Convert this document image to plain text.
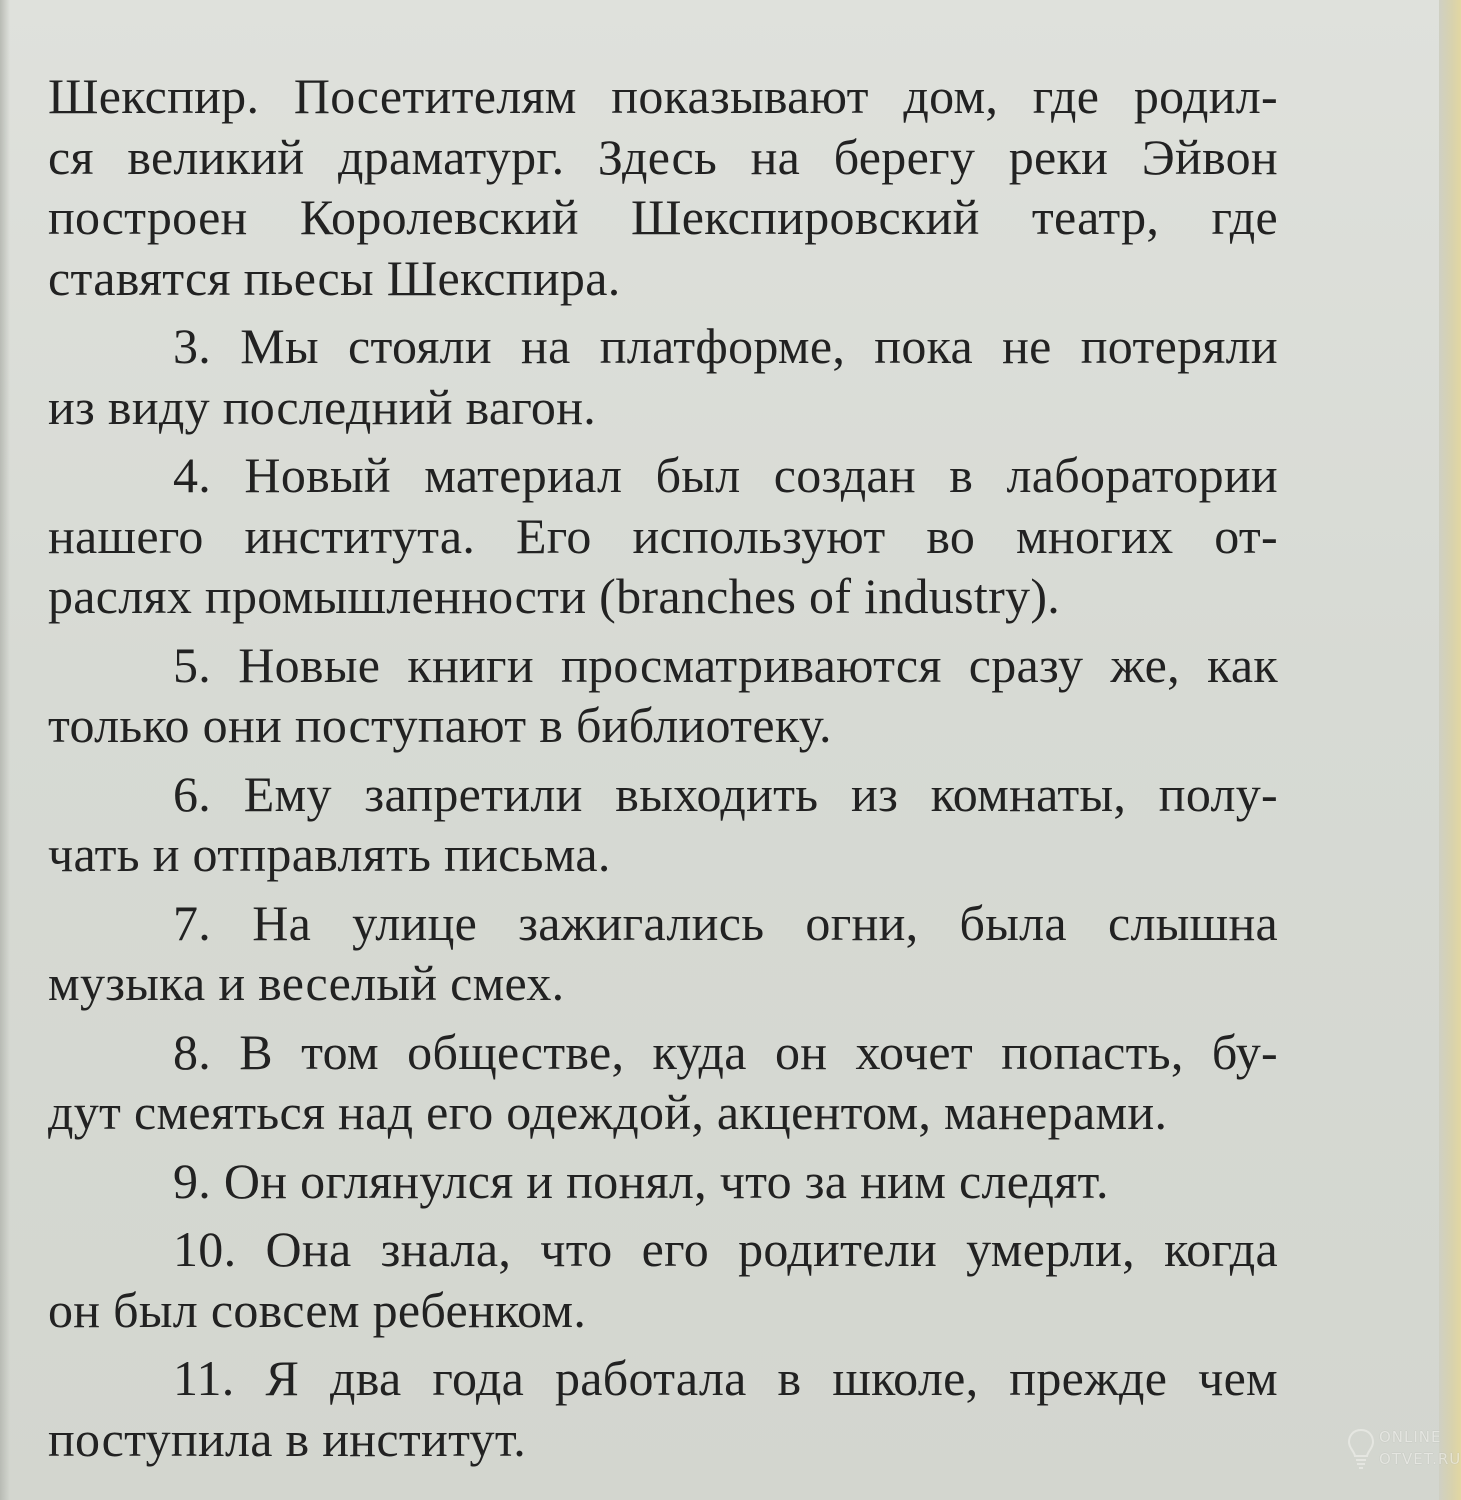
Шекспир. Посетителям показывают дом, где родил-
ся великий драматург. Здесь на берегу реки Эйвон
построен Королевский Шекспировский театр, где
ставятся пьесы Шекспира.

3. Мы стояли на платформе, пока не потеряли
из виду последний вагон.

4. Новый материал был создан в лаборатории
нашего института. Его используют во многих от-
раслях промышленности (branches of industry).

5. Новые книги просматриваются сразу же, как
только они поступают в библиотеку.

6. Ему запретили выходить из комнаты, полу-
чать и отправлять письма.

7. На улице зажигались огни, была слышна
музыка и веселый смех.

8. В том обществе, куда он хочет попасть, бу-
дут смеяться над его одеждой, акцентом, манерами.

9. Он оглянулся и понял, что за ним следят.

10. Она знала, что его родители умерли, когда
он был совсем ребенком.

11. Я два года работала в школе, прежде чем
поступила в институт.	ONLINE
OTVET.RU
